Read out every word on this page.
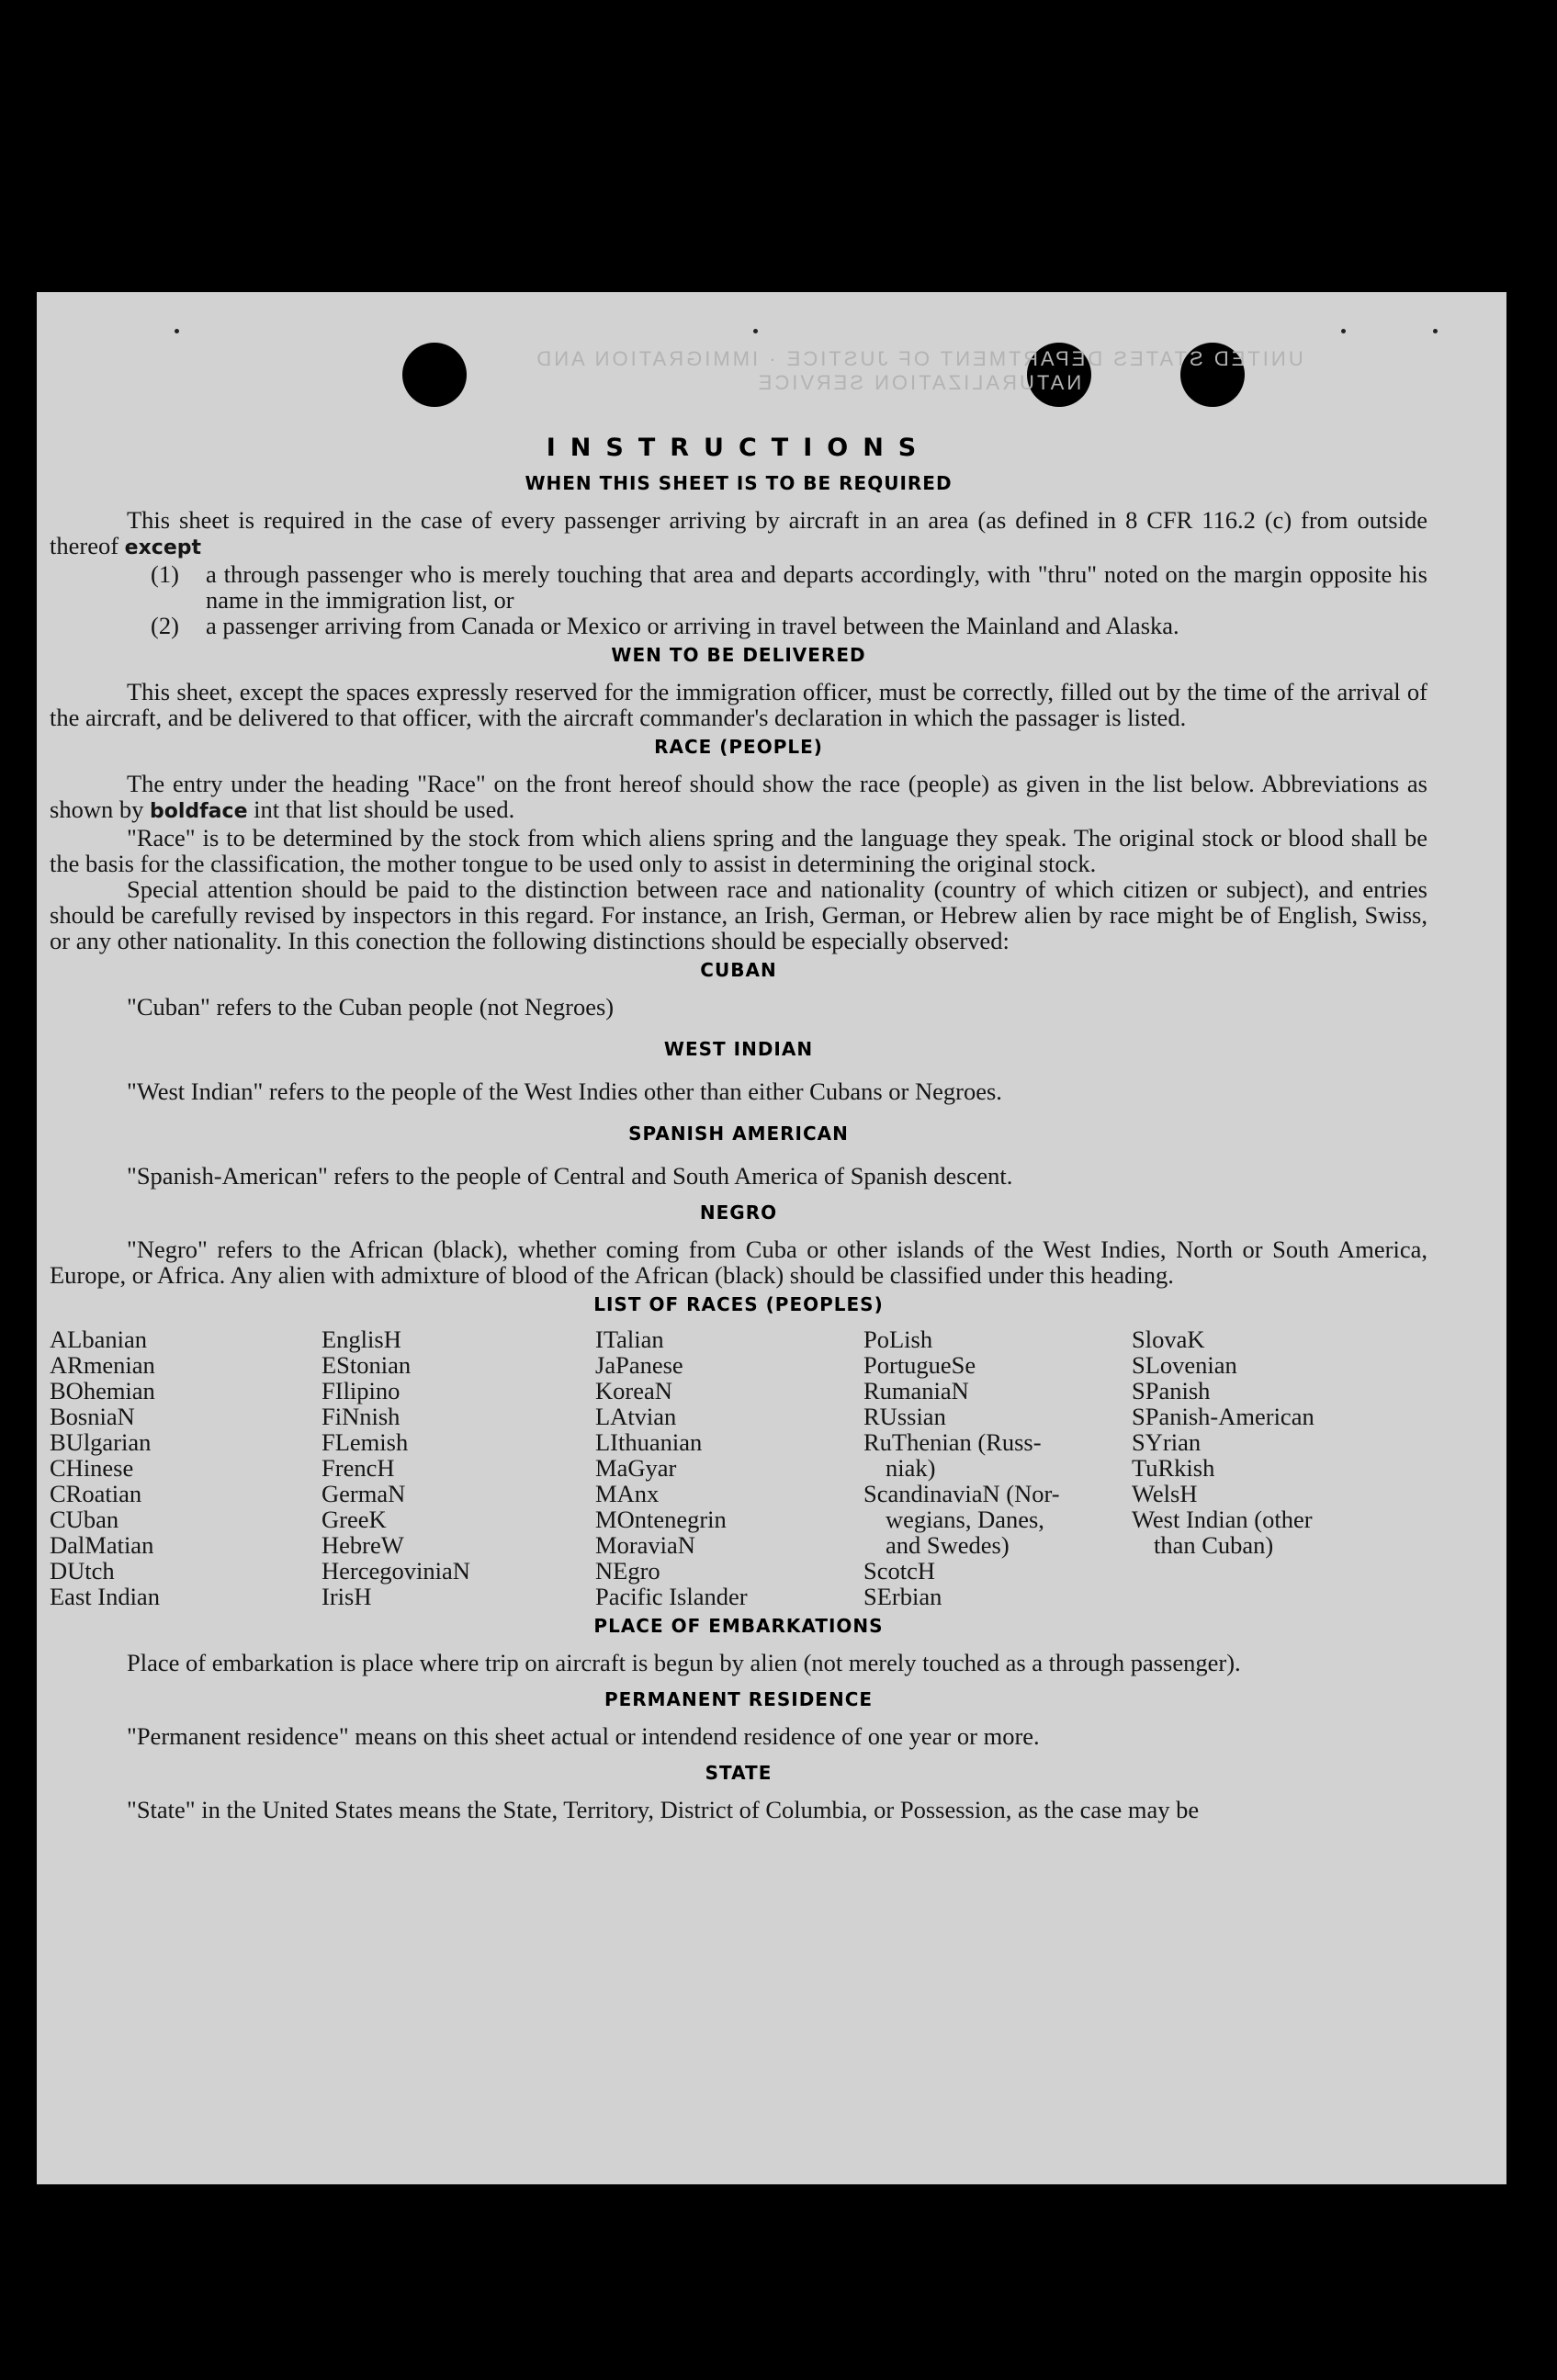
UNITED STATES DEPARTMENT OF JUSTICE · IMMIGRATION AND NATURALIZATION SERVICE
INSTRUCTIONS
WHEN THIS SHEET IS TO BE REQUIRED

This sheet is required in the case of every passenger arriving by aircraft in an area (as defined in 8 CFR 116.2 (c) from outside thereof except

(1)	a through passenger who is merely touching that area and departs accordingly, with "thru" noted on the margin opposite his name in the immigration list, or
(2)	a passenger arriving from Canada or Mexico or arriving in travel between the Mainland and Alaska.
WEN TO BE DELIVERED

This sheet, except the spaces expressly reserved for the immigration officer, must be correctly, filled out by the time of the arrival of the aircraft, and be delivered to that officer, with the aircraft commander's declaration in which the passager is listed.

RACE (PEOPLE)

The entry under the heading "Race" on the front hereof should show the race (people) as given in the list below. Abbreviations as shown by boldface int that list should be used.

"Race" is to be determined by the stock from which aliens spring and the language they speak. The original stock or blood shall be the basis for the classification, the mother tongue to be used only to assist in determining the original stock.

Special attention should be paid to the distinction between race and nationality (country of which citizen or subject), and entries should be carefully revised by inspectors in this regard. For instance, an Irish, German, or Hebrew alien by race might be of English, Swiss, or any other nationality. In this conection the following distinctions should be especially observed:

CUBAN

"Cuban" refers to the Cuban people (not Negroes)

WEST INDIAN

"West Indian" refers to the people of the West Indies other than either Cubans or Negroes.

SPANISH AMERICAN

"Spanish-American" refers to the people of Central and South America of Spanish descent.

NEGRO

"Negro" refers to the African (black), whether coming from Cuba or other islands of the West Indies, North or South America, Europe, or Africa. Any alien with admixture of blood of the African (black) should be classified under this heading.

LIST OF RACES (PEOPLES)
ALbanian
ARmenian
BOhemian
BosniaN
BUlgarian
CHinese
CRoatian
CUban
DalMatian
DUtch
East Indian
EnglisH
EStonian
FIlipino
FiNnish
FLemish
FrencH
GermaN
GreeK
HebreW
HercegoviniaN
IrisH
ITalian
JaPanese
KoreaN
LAtvian
LIthuanian
MaGyar
MAnx
MOntenegrin
MoraviaN
NEgro
Pacific Islander
PoLish
PortugueSe
RumaniaN
RUssian
RuThenian (Russ-
niak)
ScandinaviaN (Nor-
wegians, Danes,
and Swedes)
ScotcH
SErbian
SlovaK
SLovenian
SPanish
SPanish-American
SYrian
TuRkish
WelsH
West Indian (other
than Cuban)
PLACE OF EMBARKATIONS

Place of embarkation is place where trip on aircraft is begun by alien (not merely touched as a through passenger).

PERMANENT RESIDENCE

"Permanent residence" means on this sheet actual or intendend residence of one year or more.

STATE

"State" in the United States means the State, Territory, District of Columbia, or Possession, as the case may be
